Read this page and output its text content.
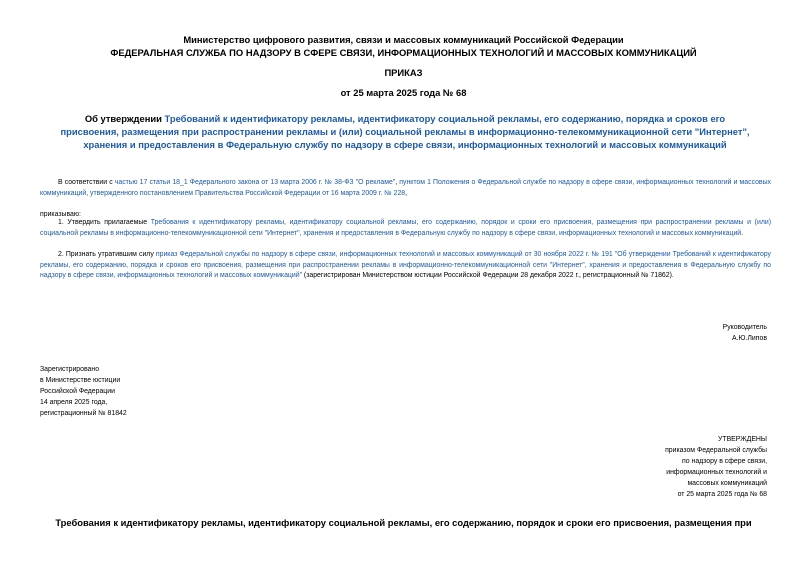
Министерство цифрового развития, связи и массовых коммуникаций Российской Федерации
ФЕДЕРАЛЬНАЯ СЛУЖБА ПО НАДЗОРУ В СФЕРЕ СВЯЗИ, ИНФОРМАЦИОННЫХ ТЕХНОЛОГИЙ И МАССОВЫХ КОММУНИКАЦИЙ
ПРИКАЗ
от 25 марта 2025 года № 68
Об утверждении Требований к идентификатору рекламы, идентификатору социальной рекламы, его содержанию, порядка и сроков его присвоения, размещения при распространении рекламы и (или) социальной рекламы в информационно-телекоммуникационной сети "Интернет", хранения и предоставления в Федеральную службу по надзору в сфере связи, информационных технологий и массовых коммуникаций
В соответствии с частью 17 статьи 18_1 Федерального закона от 13 марта 2006 г. № 38-ФЗ "О рекламе", пунктом 1 Положения о Федеральной службе по надзору в сфере связи, информационных технологий и массовых коммуникаций, утвержденного постановлением Правительства Российской Федерации от 16 марта 2009 г. № 228,
приказываю:
1. Утвердить прилагаемые Требования к идентификатору рекламы, идентификатору социальной рекламы, его содержанию, порядок и сроки его присвоения, размещения при распространении рекламы и (или) социальной рекламы в информационно-телекоммуникационной сети "Интернет", хранения и предоставления в Федеральную службу по надзору в сфере связи, информационных технологий и массовых коммуникаций.
2. Признать утратившим силу приказ Федеральной службы по надзору в сфере связи, информационных технологий и массовых коммуникаций от 30 ноября 2022 г. № 191 "Об утверждении Требований к идентификатору рекламы, его содержанию, порядка и сроков его присвоения, размещения при распространении рекламы в информационно-телекоммуникационной сети "Интернет", хранения и предоставления в Федеральную службу по надзору в сфере связи, информационных технологий и массовых коммуникаций" (зарегистрирован Министерством юстиции Российской Федерации 28 декабря 2022 г., регистрационный № 71862).
Руководитель
А.Ю.Липов
Зарегистрировано
в Министерстве юстиции
Российской Федерации
14 апреля 2025 года,
регистрационный № 81842
УТВЕРЖДЕНЫ
приказом Федеральной службы
по надзору в сфере связи,
информационных технологий и
массовых коммуникаций
от 25 марта 2025 года № 68
Требования к идентификатору рекламы, идентификатору социальной рекламы, его содержанию, порядок и сроки его присвоения, размещения при
